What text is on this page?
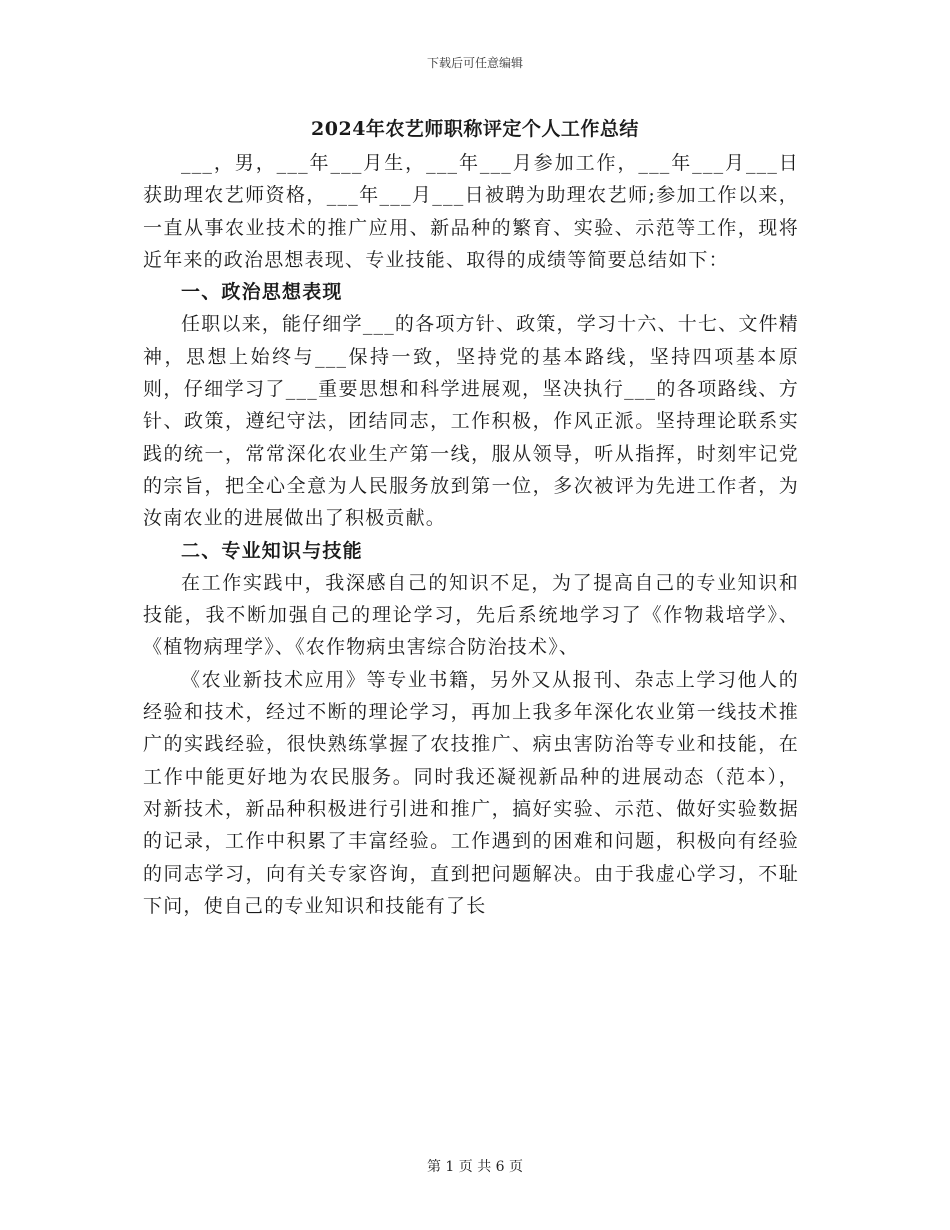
下载后可任意编辑
2024年农艺师职称评定个人工作总结

___，男，___年___月生，___年___月参加工作，___年___月___日获助理农艺师资格，___年___月___日被聘为助理农艺师;参加工作以来，一直从事农业技术的推广应用、新品种的繁育、实验、示范等工作，现将近年来的政治思想表现、专业技能、取得的成绩等简要总结如下：

一、政治思想表现

任职以来，能仔细学___的各项方针、政策，学习十六、十七、文件精神，思想上始终与___保持一致，坚持党的基本路线，坚持四项基本原则，仔细学习了___重要思想和科学进展观，坚决执行___的各项路线、方针、政策，遵纪守法，团结同志，工作积极，作风正派。坚持理论联系实践的统一，常常深化农业生产第一线，服从领导，听从指挥，时刻牢记党的宗旨，把全心全意为人民服务放到第一位，多次被评为先进工作者，为汝南农业的进展做出了积极贡献。

二、专业知识与技能

在工作实践中，我深感自己的知识不足，为了提高自己的专业知识和技能，我不断加强自己的理论学习，先后系统地学习了《作物栽培学》、《植物病理学》、《农作物病虫害综合防治技术》、

《农业新技术应用》等专业书籍，另外又从报刊、杂志上学习他人的经验和技术，经过不断的理论学习，再加上我多年深化农业第一线技术推广的实践经验，很快熟练掌握了农技推广、病虫害防治等专业和技能，在工作中能更好地为农民服务。同时我还凝视新品种的进展动态（范本），对新技术，新品种积极进行引进和推广，搞好实验、示范、做好实验数据的记录，工作中积累了丰富经验。工作遇到的困难和问题，积极向有经验的同志学习，向有关专家咨询，直到把问题解决。由于我虚心学习，不耻下问，使自己的专业知识和技能有了长

第 1 页 共 6 页
